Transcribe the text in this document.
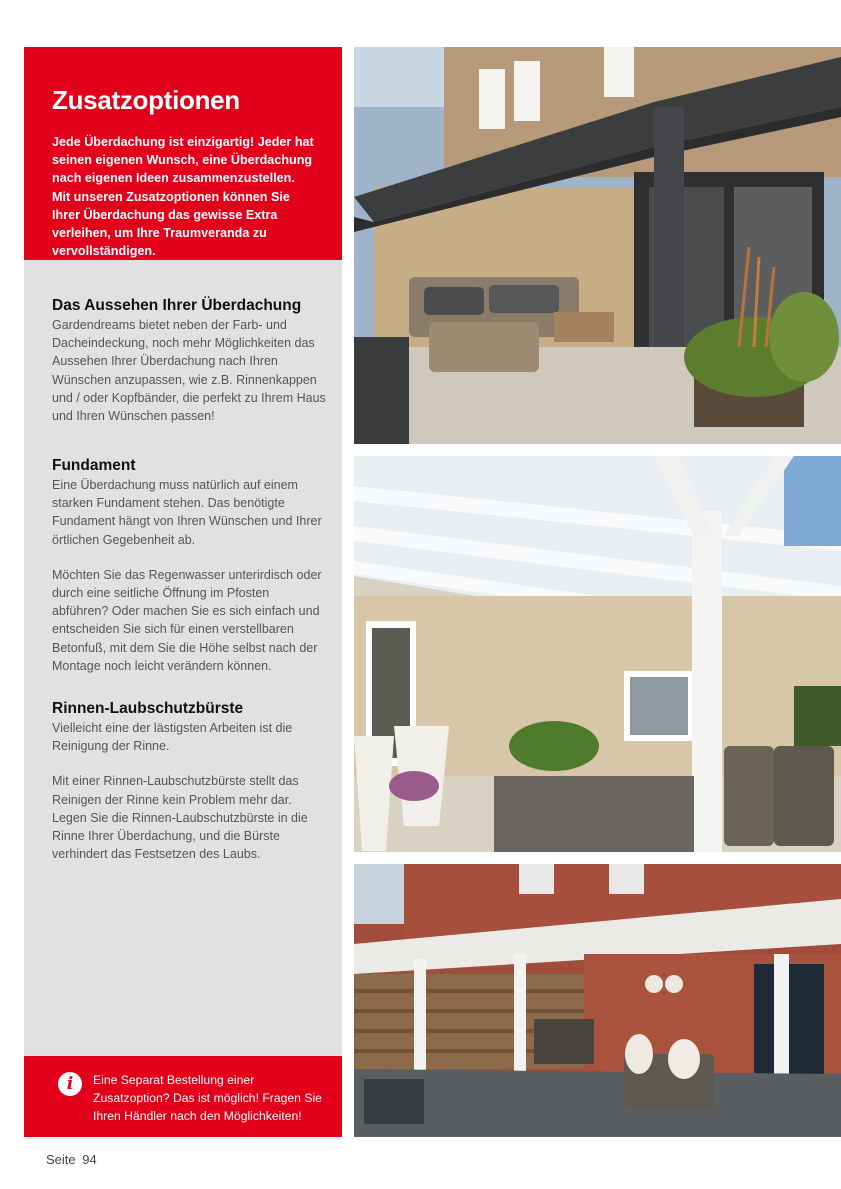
Zusatzoptionen

Jede Überdachung ist einzigartig! Jeder hat seinen eigenen Wunsch, eine Überdachung nach eigenen Ideen zusammenzustellen. Mit unseren Zusatzoptionen können Sie Ihrer Überdachung das gewisse Extra verleihen, um Ihre Traumveranda zu vervollständigen.

Das Aussehen Ihrer Überdachung

Gardendreams bietet neben der Farb- und Dacheindeckung, noch mehr Möglichkeiten das Aussehen Ihrer Überdachung nach Ihren Wünschen anzupassen, wie z.B. Rinnenkappen und / oder Kopfbänder, die perfekt zu Ihrem Haus und Ihren Wünschen passen!

Fundament

Eine Überdachung muss natürlich auf einem starken Fundament stehen. Das benötigte Fundament hängt von Ihren Wünschen und Ihrer örtlichen Gegebenheit ab.

Möchten Sie das Regenwasser unterirdisch oder durch eine seitliche Öffnung im Pfosten abführen? Oder machen Sie es sich einfach und entscheiden Sie sich für einen verstellbaren Betonfuß, mit dem Sie die Höhe selbst nach der Montage noch leicht verändern können.

Rinnen-Laubschutzbürste

Vielleicht eine der lästigsten Arbeiten ist die Reinigung der Rinne.

Mit einer Rinnen-Laubschutzbürste stellt das Reinigen der Rinne kein Problem mehr dar. Legen Sie die Rinnen-Laubschutzbürste in die Rinne Ihrer Überdachung, und die Bürste verhindert das Festsetzen des Laubs.

i	Eine Separat Bestellung einer Zusatzoption? Das ist möglich! Fragen Sie Ihren Händler nach den Möglichkeiten!

Seite 94
